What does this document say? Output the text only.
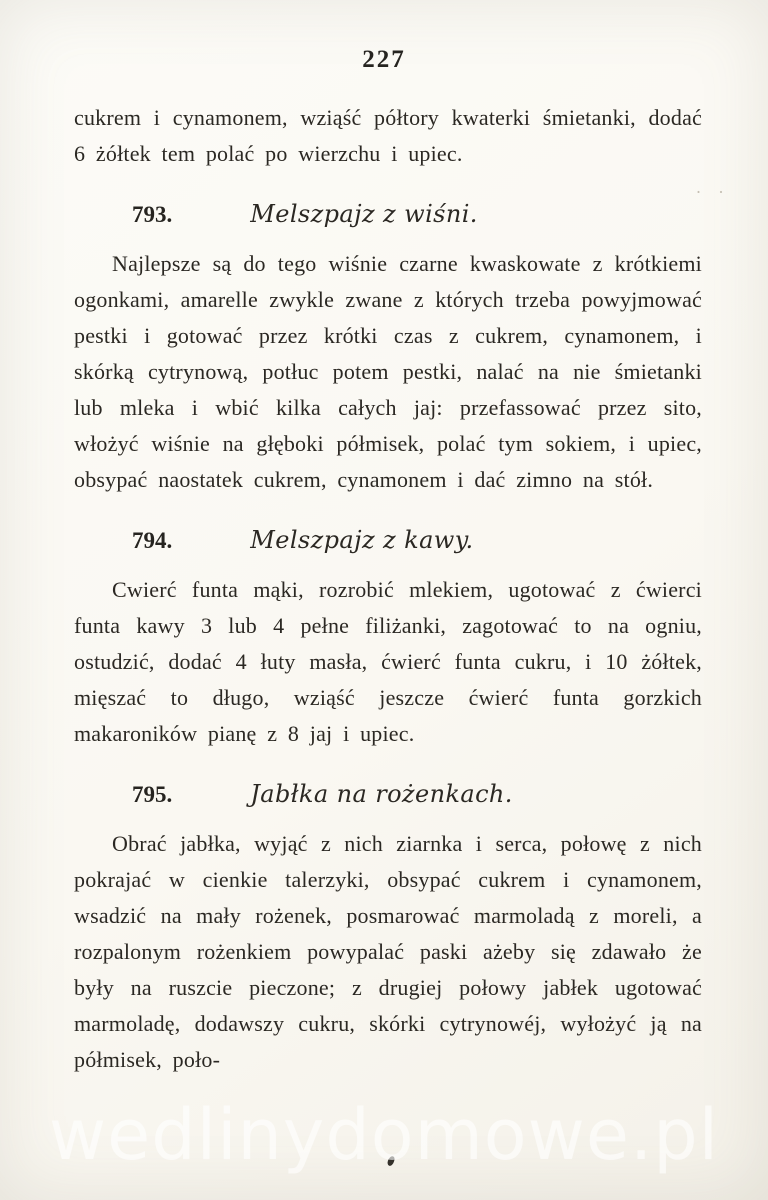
227
· ·

cukrem i cynamonem, wziąść półtory kwaterki śmietanki, dodać 6 żółtek tem polać po wierzchu i upiec.

793.	Melszpajz z wiśni.

Najlepsze są do tego wiśnie czarne kwaskowate z krótkiemi ogonkami, amarelle zwykle zwane z których trzeba powyjmować pestki i gotować przez krótki czas z cukrem, cynamonem, i skórką cytrynową, potłuc potem pestki, nalać na nie śmietanki lub mleka i wbić kilka całych jaj: przefassować przez sito, włożyć wiśnie na głęboki półmisek, polać tym sokiem, i upiec, obsypać naostatek cukrem, cynamonem i dać zimno na stół.

794.	Melszpajz z kawy.

Cwierć funta mąki, rozrobić mlekiem, ugotować z ćwierci funta kawy 3 lub 4 pełne filiżanki, zagotować to na ogniu, ostudzić, dodać 4 łuty masła, ćwierć funta cukru, i 10 żółtek, mięszać to długo, wziąść jeszcze ćwierć funta gorzkich makaroników pianę z 8 jaj i upiec.

795.	Jabłka na rożenkach.

Obrać jabłka, wyjąć z nich ziarnka i serca, połowę z nich pokrajać w cienkie talerzyki, obsypać cukrem i cynamonem, wsadzić na mały rożenek, posmarować marmoladą z moreli, a rozpalonym rożenkiem powypalać paski ażeby się zdawało że były na ruszcie pieczone; z drugiej połowy jabłek ugotować marmoladę, dodawszy cukru, skórki cytrynowéj, wyłożyć ją na półmisek, poło-

wedlinydomowe.pl
